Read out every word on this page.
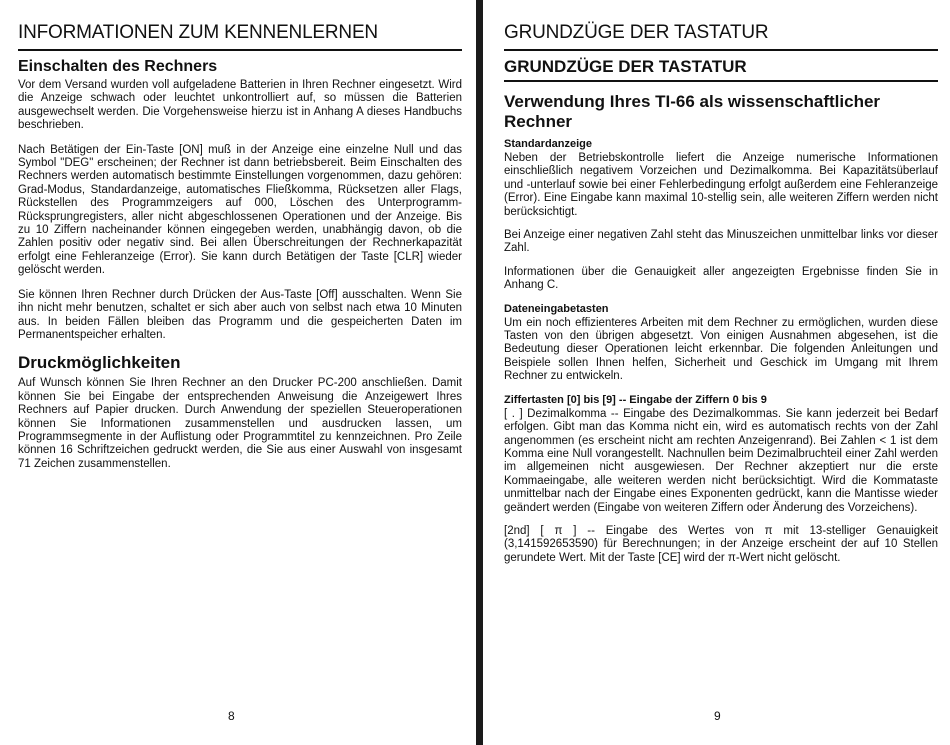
INFORMATIONEN ZUM KENNENLERNEN
Einschalten des Rechners

Vor dem Versand wurden voll aufgeladene Batterien in Ihren Rechner eingesetzt. Wird die Anzeige schwach oder leuchtet unkontrolliert auf, so müssen die Batterien ausgewechselt werden. Die Vorgehensweise hierzu ist in Anhang A dieses Handbuchs beschrieben.

Nach Betätigen der Ein-Taste [ON] muß in der Anzeige eine einzelne Null und das Symbol "DEG" erscheinen; der Rechner ist dann betriebsbereit. Beim Einschalten des Rechners werden automatisch bestimmte Einstellungen vorgenommen, dazu gehören: Grad-Modus, Standardanzeige, automatisches Fließkomma, Rücksetzen aller Flags, Rückstellen des Programmzeigers auf 000, Löschen des Unterprogramm-Rücksprungregisters, aller nicht abgeschlossenen Operationen und der Anzeige. Bis zu 10 Ziffern nacheinander können eingegeben werden, unabhängig davon, ob die Zahlen positiv oder negativ sind. Bei allen Überschreitungen der Rechnerkapazität erfolgt eine Fehleranzeige (Error). Sie kann durch Betätigen der Taste [CLR] wieder gelöscht werden.

Sie können Ihren Rechner durch Drücken der Aus-Taste [Off] ausschalten. Wenn Sie ihn nicht mehr benutzen, schaltet er sich aber auch von selbst nach etwa 10 Minuten aus. In beiden Fällen bleiben das Programm und die gespeicherten Daten im Permanentspeicher erhalten.

Druckmöglichkeiten

Auf Wunsch können Sie Ihren Rechner an den Drucker PC-200 anschließen. Damit können Sie bei Eingabe der entsprechenden Anweisung die Anzeigewert Ihres Rechners auf Papier drucken. Durch Anwendung der speziellen Steueroperationen können Sie Informationen zusammenstellen und ausdrucken lassen, um Programmsegmente in der Auflistung oder Programmtitel zu kennzeichnen. Pro Zeile können 16 Schriftzeichen gedruckt werden, die Sie aus einer Auswahl von insgesamt 71 Zeichen zusammenstellen.

8
GRUNDZÜGE DER TASTATUR
GRUNDZÜGE DER TASTATUR
Verwendung Ihres TI-66 als wissenschaftlicher Rechner
Standardanzeige

Neben der Betriebskontrolle liefert die Anzeige numerische Informationen einschließlich negativem Vorzeichen und Dezimalkomma. Bei Kapazitätsüberlauf und -unterlauf sowie bei einer Fehlerbedingung erfolgt außerdem eine Fehleranzeige (Error). Eine Eingabe kann maximal 10-stellig sein, alle weiteren Ziffern werden nicht berücksichtigt.

Bei Anzeige einer negativen Zahl steht das Minuszeichen unmittelbar links vor dieser Zahl.

Informationen über die Genauigkeit aller angezeigten Ergebnisse finden Sie in Anhang C.

Dateneingabetasten

Um ein noch effizienteres Arbeiten mit dem Rechner zu ermöglichen, wurden diese Tasten von den übrigen abgesetzt. Von einigen Ausnahmen abgesehen, ist die Bedeutung dieser Operationen leicht erkennbar. Die folgenden Anleitungen und Beispiele sollen Ihnen helfen, Sicherheit und Geschick im Umgang mit Ihrem Rechner zu entwickeln.

Ziffertasten [0] bis [9] -- Eingabe der Ziffern 0 bis 9

[ . ] Dezimalkomma -- Eingabe des Dezimalkommas. Sie kann jederzeit bei Bedarf erfolgen. Gibt man das Komma nicht ein, wird es automatisch rechts von der Zahl angenommen (es erscheint nicht am rechten Anzeigenrand). Bei Zahlen < 1 ist dem Komma eine Null vorangestellt. Nachnullen beim Dezimalbruchteil einer Zahl werden im allgemeinen nicht ausgewiesen. Der Rechner akzeptiert nur die erste Kommaeingabe, alle weiteren werden nicht berücksichtigt. Wird die Kommataste unmittelbar nach der Eingabe eines Exponenten gedrückt, kann die Mantisse wieder geändert werden (Eingabe von weiteren Ziffern oder Änderung des Vorzeichens).

[2nd] [ π ] -- Eingabe des Wertes von π mit 13-stelliger Genauigkeit (3,141592653590) für Berechnungen; in der Anzeige erscheint der auf 10 Stellen gerundete Wert. Mit der Taste [CE] wird der π-Wert nicht gelöscht.

9
